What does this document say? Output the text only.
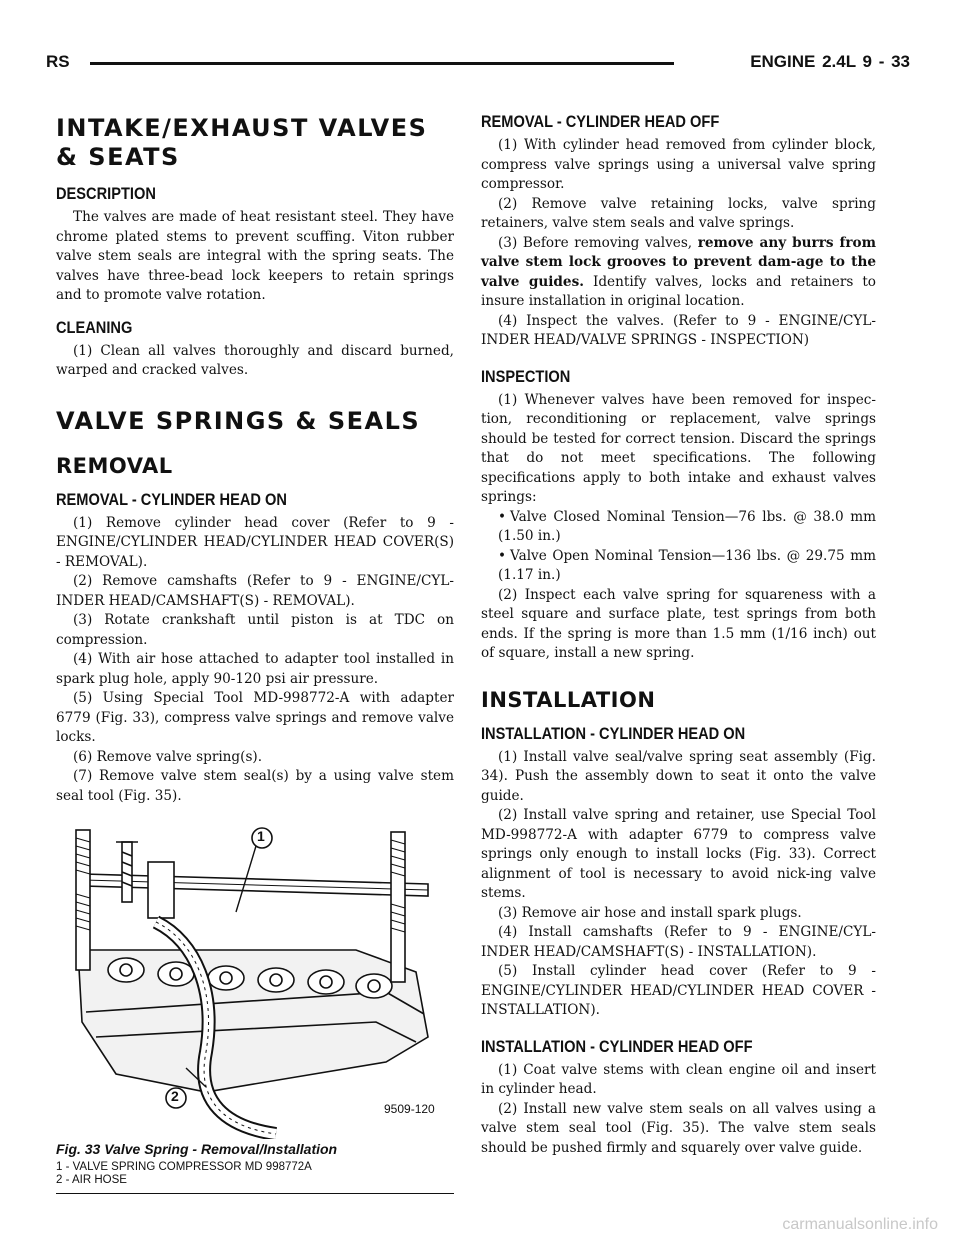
RS	ENGINE 2.4L 9 - 33
INTAKE/EXHAUST VALVES & SEATS
DESCRIPTION

The valves are made of heat resistant steel. They have chrome plated stems to prevent scuffing. Viton rubber valve stem seals are integral with the spring seats. The valves have three-bead lock keepers to retain springs and to promote valve rotation.

CLEANING

(1) Clean all valves thoroughly and discard burned, warped and cracked valves.

VALVE SPRINGS & SEALS
REMOVAL
REMOVAL - CYLINDER HEAD ON

(1) Remove cylinder head cover (Refer to 9 - ENGINE/CYLINDER HEAD/CYLINDER HEAD COVER(S) - REMOVAL).

(2) Remove camshafts (Refer to 9 - ENGINE/CYL-INDER HEAD/CAMSHAFT(S) - REMOVAL).

(3) Rotate crankshaft until piston is at TDC on compression.

(4) With air hose attached to adapter tool installed in spark plug hole, apply 90-120 psi air pressure.

(5) Using Special Tool MD-998772-A with adapter 6779 (Fig. 33), compress valve springs and remove valve locks.

(6) Remove valve spring(s).

(7) Remove valve stem seal(s) by a using valve stem seal tool (Fig. 35).

1
2
9509-120
Fig. 33 Valve Spring - Removal/Installation
1 - VALVE SPRING COMPRESSOR MD 998772A
2 - AIR HOSE
REMOVAL - CYLINDER HEAD OFF

(1) With cylinder head removed from cylinder block, compress valve springs using a universal valve spring compressor.

(2) Remove valve retaining locks, valve spring retainers, valve stem seals and valve springs.

(3) Before removing valves, remove any burrs from valve stem lock grooves to prevent dam-age to the valve guides. Identify valves, locks and retainers to insure installation in original location.

(4) Inspect the valves. (Refer to 9 - ENGINE/CYL-INDER HEAD/VALVE SPRINGS - INSPECTION)

INSPECTION

(1) Whenever valves have been removed for inspec-tion, reconditioning or replacement, valve springs should be tested for correct tension. Discard the springs that do not meet specifications. The following specifications apply to both intake and exhaust valves springs:

• Valve Closed Nominal Tension—76 lbs. @ 38.0 mm (1.50 in.)

• Valve Open Nominal Tension—136 lbs. @ 29.75 mm (1.17 in.)

(2) Inspect each valve spring for squareness with a steel square and surface plate, test springs from both ends. If the spring is more than 1.5 mm (1/16 inch) out of square, install a new spring.

INSTALLATION
INSTALLATION - CYLINDER HEAD ON

(1) Install valve seal/valve spring seat assembly (Fig. 34). Push the assembly down to seat it onto the valve guide.

(2) Install valve spring and retainer, use Special Tool MD-998772-A with adapter 6779 to compress valve springs only enough to install locks (Fig. 33). Correct alignment of tool is necessary to avoid nick-ing valve stems.

(3) Remove air hose and install spark plugs.

(4) Install camshafts (Refer to 9 - ENGINE/CYL-INDER HEAD/CAMSHAFT(S) - INSTALLATION).

(5) Install cylinder head cover (Refer to 9 - ENGINE/CYLINDER HEAD/CYLINDER HEAD COVER - INSTALLATION).

INSTALLATION - CYLINDER HEAD OFF

(1) Coat valve stems with clean engine oil and insert in cylinder head.

(2) Install new valve stem seals on all valves using a valve stem seal tool (Fig. 35). The valve stem seals should be pushed firmly and squarely over valve guide.

carmanualsonline.info
